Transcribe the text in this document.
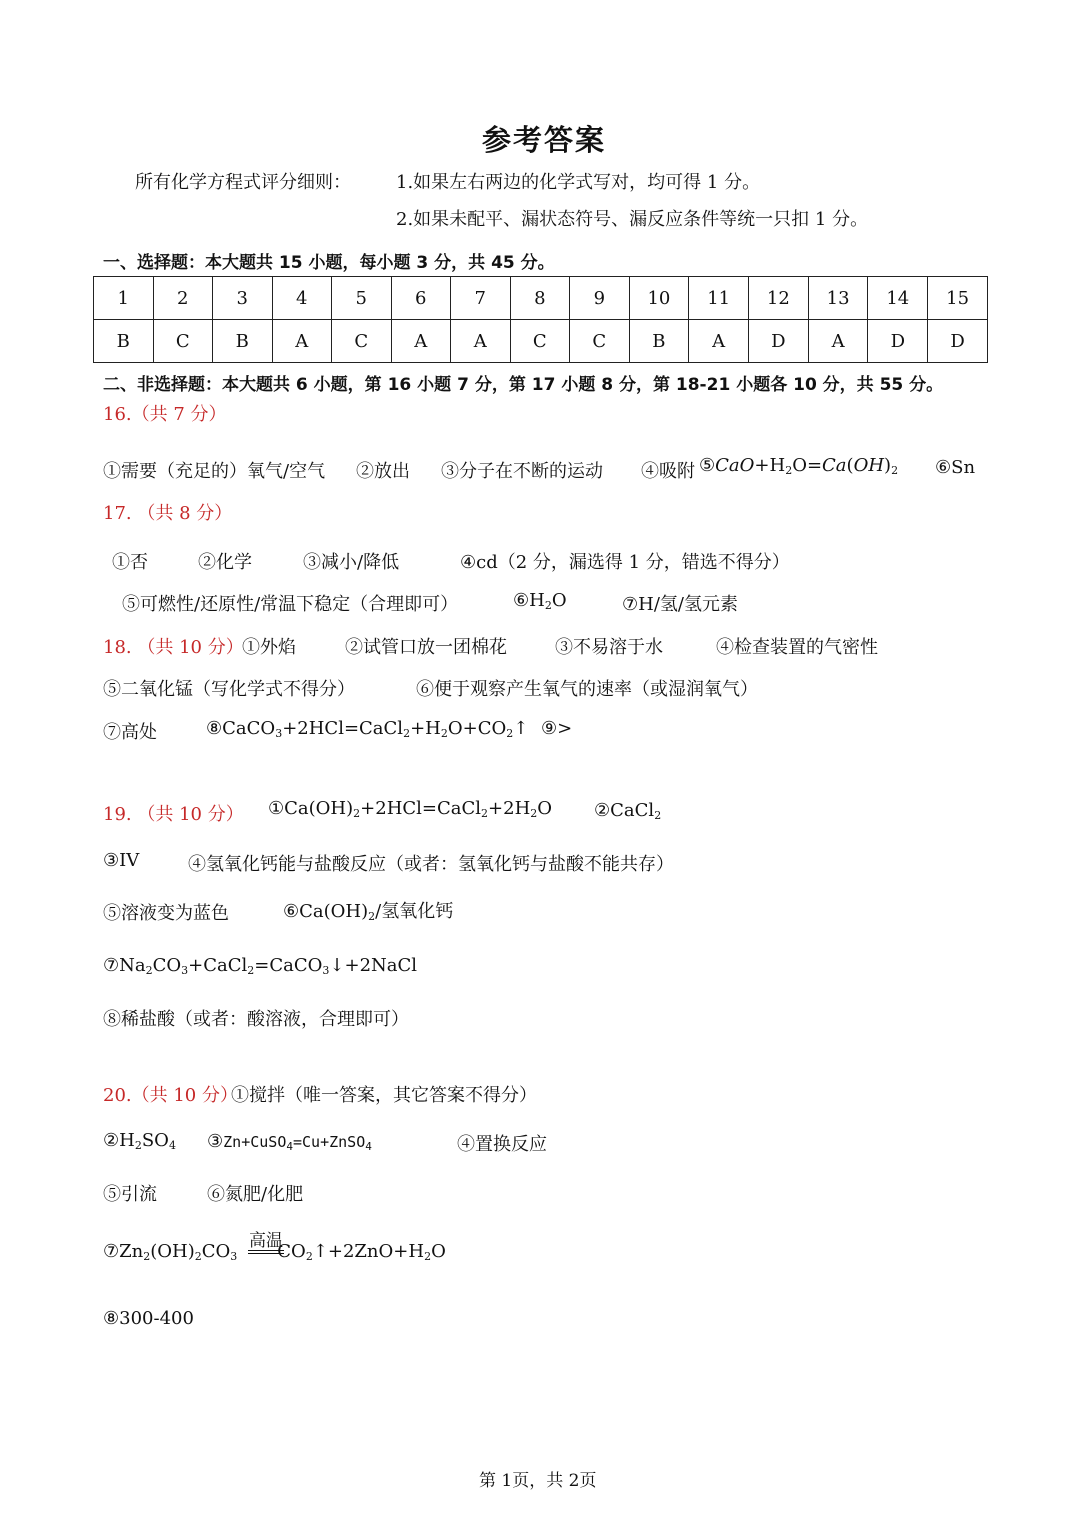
参考答案
所有化学方程式评分细则：	1.如果左右两边的化学式写对，均可得 1 分。
2.如果未配平、漏状态符号、漏反应条件等统一只扣 1 分。
一、选择题：本大题共 15 小题，每小题 3 分，共 45 分。
1	2	3	4	5	6	7	8	9	10	11	12	13	14	15
B	C	B	A	C	A	A	C	C	B	A	D	A	D	D
二、非选择题：本大题共 6 小题，第 16 小题 7 分，第 17 小题 8 分，第 18-21 小题各 10 分，共 55 分。
16.（共 7 分）
①需要（充足的）氧气/空气 ②放出 ③分子在不断的运动 ④吸附 $⑤CaO+H_2O=Ca(OH)_2$ ⑥Sn
17. （共 8 分）
①否	②化学	③减小/降低	④cd（2 分，漏选得 1 分，错选不得分）
⑤可燃性/还原性/常温下稳定（合理即可）	$⑥H_2O$	⑦H/氢/氢元素
18. （共 10 分）
①外焰	②试管口放一团棉花	③不易溶于水	④检查装置的气密性
⑤二氧化锰（写化学式不得分）	⑥便于观察产生氧气的速率（或湿润氧气）
⑦高处	$⑧CaCO_3+2HCl=CaCl_2+H_2O+CO_2↑$ ⑨>
19. （共 10 分） $①Ca(OH)_2+2HCl=CaCl_2+2H_2O$ ②CaCl$_2$
③IV	④氢氧化钙能与盐酸反应（或者：氢氧化钙与盐酸不能共存）
⑤溶液变为蓝色	$⑥Ca(OH)_2/$氢氧化钙
$⑦Na_2CO_3+CaCl_2=CaCO_3↓+2NaCl$
⑧稀盐酸（或者：酸溶液，合理即可）
20.（共 10 分）
①搅拌（唯一答案，其它答案不得分）
$②H_2SO_4$ ③Zn+CuSO$_4$=Cu+ZnSO$_4$	④置换反应
⑤引流	⑥氮肥/化肥
$⑦Zn_2(OH)_2CO_3$ $CO_2↑+2ZnO+H_2O$
高温
⑧300-400
第 1页，共 2页
